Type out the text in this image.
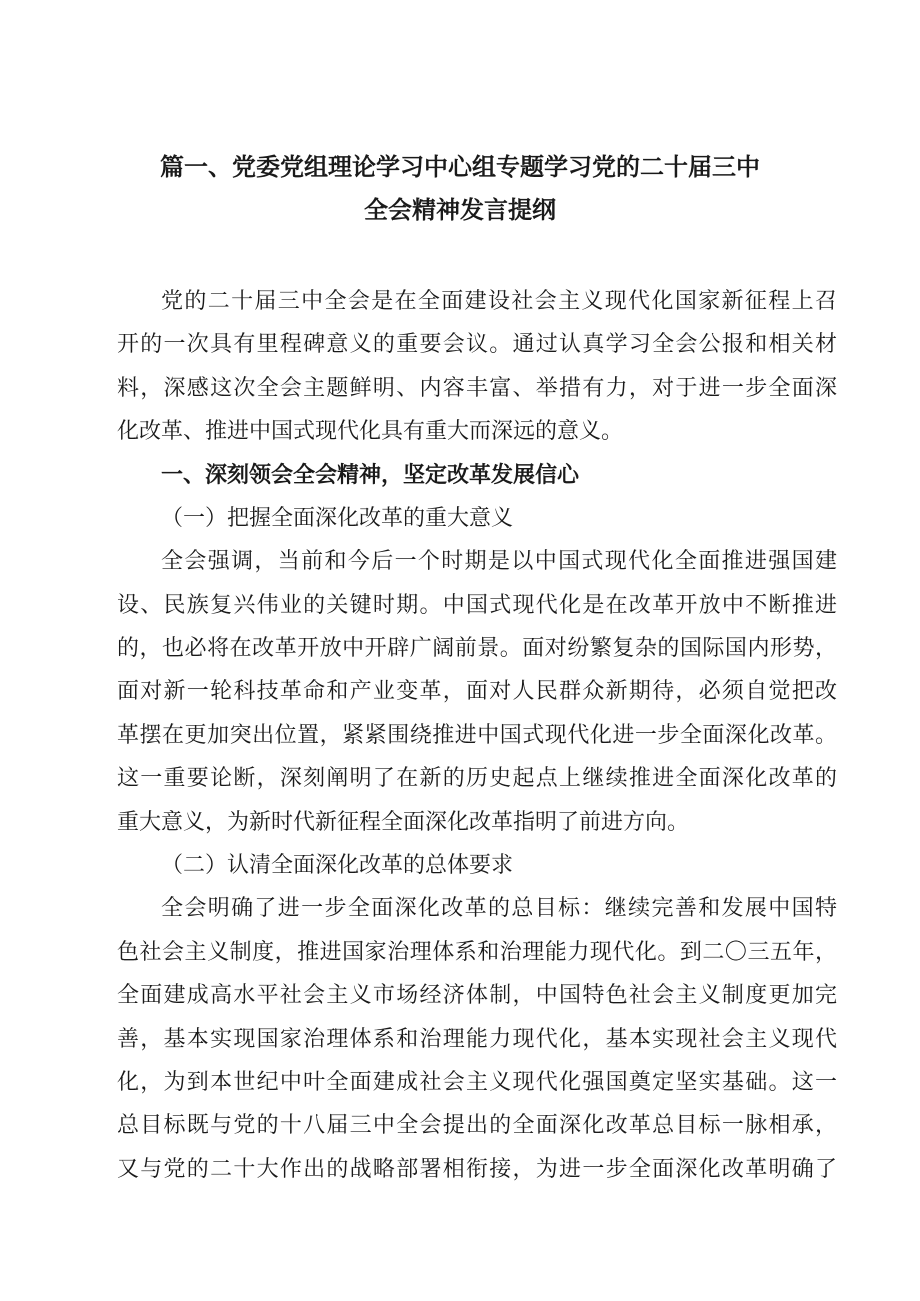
篇一、党委党组理论学习中心组专题学习党的二十届三中
全会精神发言提纲
党的二十届三中全会是在全面建设社会主义现代化国家新征程上召
开的一次具有里程碑意义的重要会议。通过认真学习全会公报和相关材
料，深感这次全会主题鲜明、内容丰富、举措有力，对于进一步全面深
化改革、推进中国式现代化具有重大而深远的意义。
一、深刻领会全会精神，坚定改革发展信心
（一）把握全面深化改革的重大意义
全会强调，当前和今后一个时期是以中国式现代化全面推进强国建
设、民族复兴伟业的关键时期。中国式现代化是在改革开放中不断推进
的，也必将在改革开放中开辟广阔前景。面对纷繁复杂的国际国内形势，
面对新一轮科技革命和产业变革，面对人民群众新期待，必须自觉把改
革摆在更加突出位置，紧紧围绕推进中国式现代化进一步全面深化改革。
这一重要论断，深刻阐明了在新的历史起点上继续推进全面深化改革的
重大意义，为新时代新征程全面深化改革指明了前进方向。
（二）认清全面深化改革的总体要求
全会明确了进一步全面深化改革的总目标：继续完善和发展中国特
色社会主义制度，推进国家治理体系和治理能力现代化。到二〇三五年，
全面建成高水平社会主义市场经济体制，中国特色社会主义制度更加完
善，基本实现国家治理体系和治理能力现代化，基本实现社会主义现代
化，为到本世纪中叶全面建成社会主义现代化强国奠定坚实基础。这一
总目标既与党的十八届三中全会提出的全面深化改革总目标一脉相承，
又与党的二十大作出的战略部署相衔接，为进一步全面深化改革明确了
